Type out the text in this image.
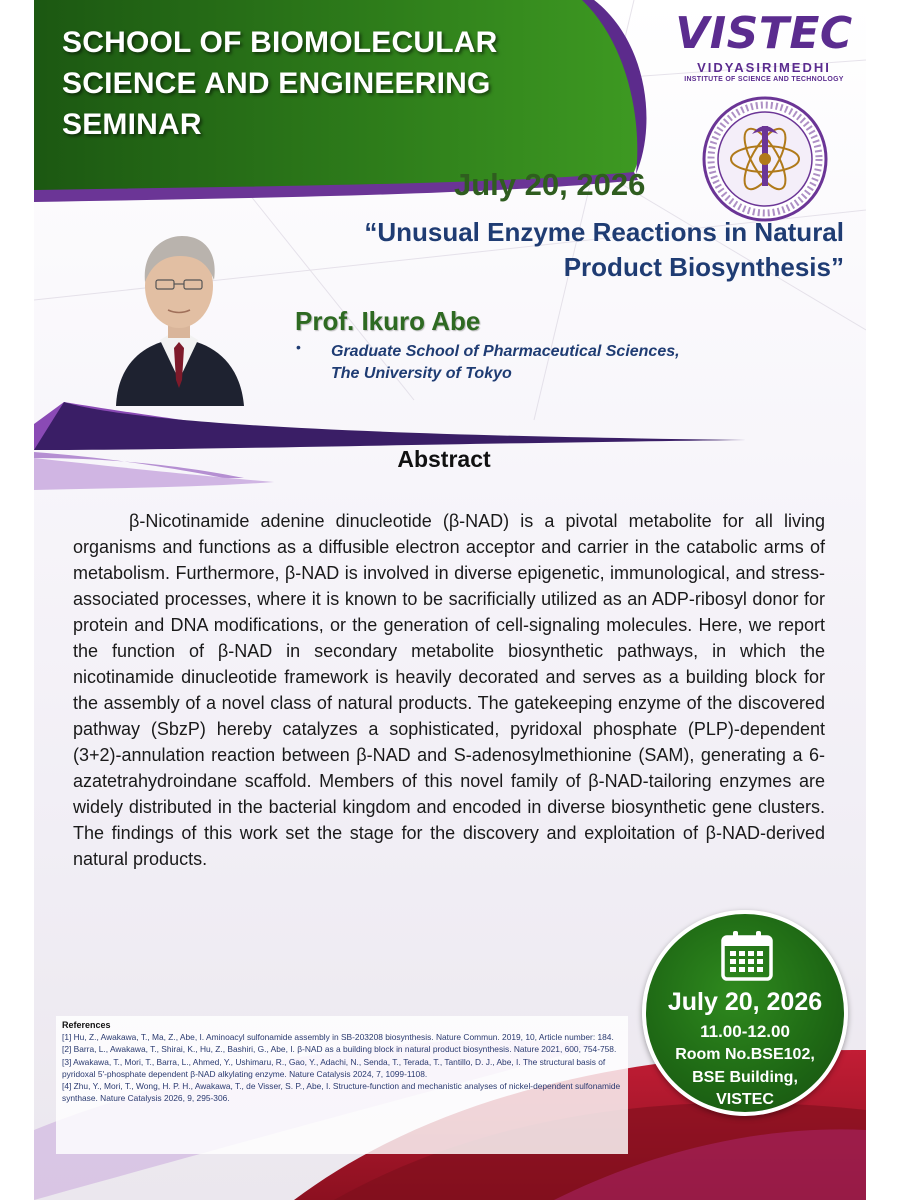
SCHOOL OF BIOMOLECULAR
SCIENCE AND ENGINEERING
SEMINAR
VISTEC
VIDYASIRIMEDHI
INSTITUTE OF SCIENCE AND TECHNOLOGY
July 20, 2026
“Unusual Enzyme Reactions in Natural
Product Biosynthesis”
Prof. Ikuro Abe
• Graduate School of Pharmaceutical Sciences,
The University of Tokyo
Abstract

β-Nicotinamide adenine dinucleotide (β-NAD) is a pivotal metabolite for all living organisms and functions as a diffusible electron acceptor and carrier in the catabolic arms of metabolism. Furthermore, β-NAD is involved in diverse epigenetic, immunological, and stress-associated processes, where it is known to be sacrificially utilized as an ADP-ribosyl donor for protein and DNA modifications, or the generation of cell-signaling molecules. Here, we report the function of β-NAD in secondary metabolite biosynthetic pathways, in which the nicotinamide dinucleotide framework is heavily decorated and serves as a building block for the assembly of a novel class of natural products. The gatekeeping enzyme of the discovered pathway (SbzP) hereby catalyzes a sophisticated, pyridoxal phosphate (PLP)-dependent (3+2)-annulation reaction between β-NAD and S-adenosylmethionine (SAM), generating a 6-azatetrahydroindane scaffold. Members of this novel family of β-NAD-tailoring enzymes are widely distributed in the bacterial kingdom and encoded in diverse biosynthetic gene clusters. The findings of this work set the stage for the discovery and exploitation of β-NAD-derived natural products.

References
[1] Hu, Z., Awakawa, T., Ma, Z., Abe, I. Aminoacyl sulfonamide assembly in SB-203208 biosynthesis. Nature Commun. 2019, 10, Article number: 184.
[2] Barra, L., Awakawa, T., Shirai, K., Hu, Z., Bashiri, G., Abe, I. β-NAD as a building block in natural product biosynthesis. Nature 2021, 600, 754-758.
[3] Awakawa, T., Mori, T., Barra, L., Ahmed, Y., Ushimaru, R., Gao, Y., Adachi, N., Senda, T., Terada, T., Tantillo, D. J., Abe, I. The structural basis of pyridoxal 5'-phosphate dependent β-NAD alkylating enzyme. Nature Catalysis 2024, 7, 1099-1108.
[4] Zhu, Y., Mori, T., Wong, H. P. H., Awakawa, T., de Visser, S. P., Abe, I. Structure-function and mechanistic analyses of nickel-dependent sulfonamide synthase. Nature Catalysis 2026, 9, 295-306.
July 20, 2026
11.00-12.00
Room No.BSE102,
BSE Building,
VISTEC
